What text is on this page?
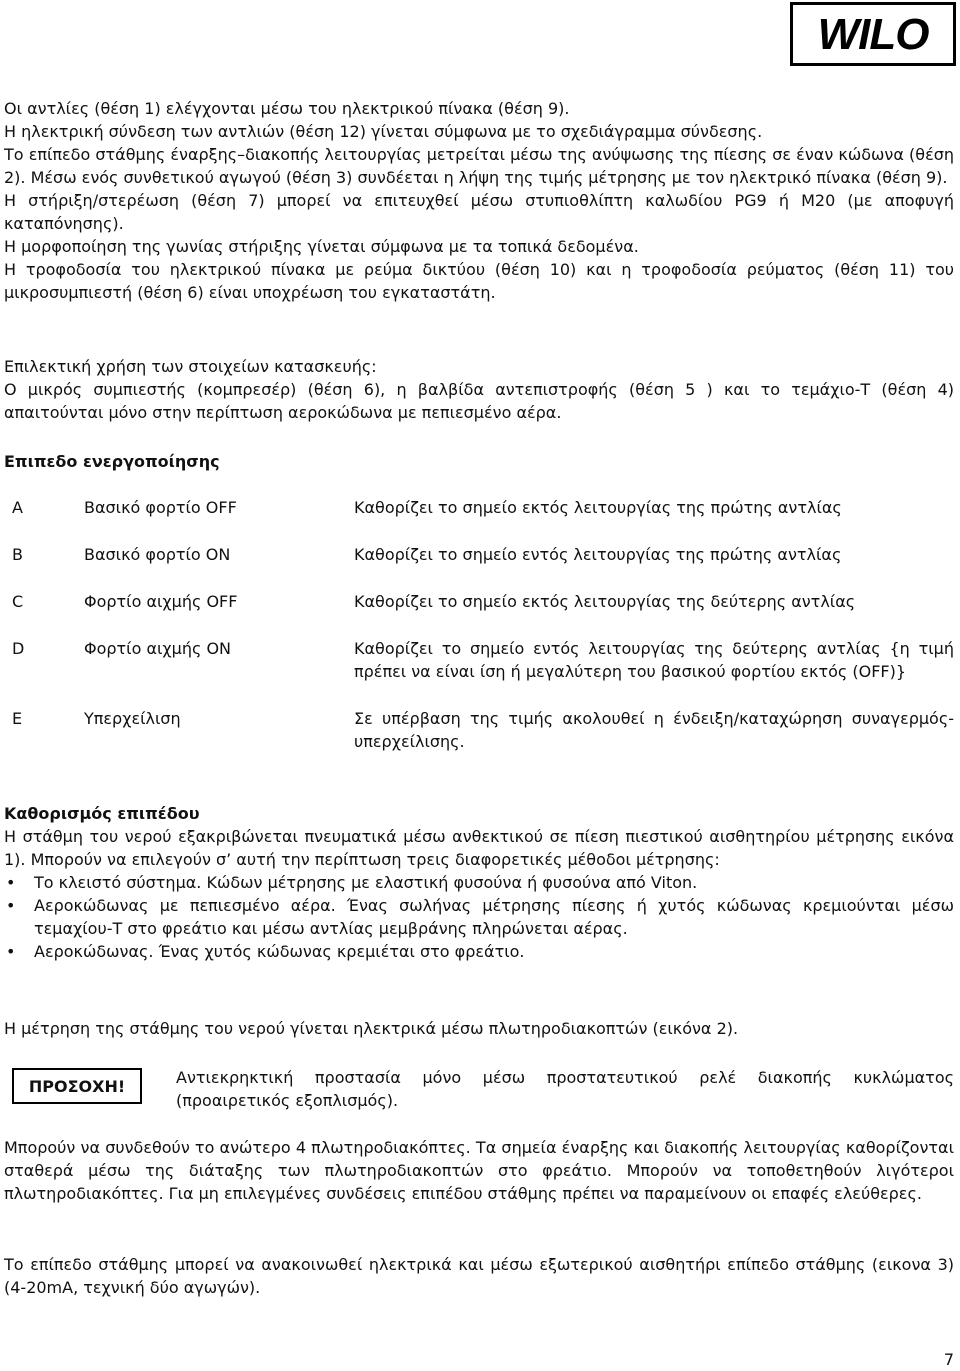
WILO

Οι αντλίες (θέση 1) ελέγχονται μέσω του ηλεκτρικού πίνακα (θέση 9).

Η ηλεκτρική σύνδεση των αντλιών (θέση 12) γίνεται σύμφωνα με το σχεδιάγραμμα σύνδεσης.

Το επίπεδο στάθμης έναρξης–διακοπής λειτουργίας μετρείται μέσω της ανύψωσης της πίεσης σε έναν κώδωνα (θέση 2). Μέσω ενός συνθετικού αγωγού (θέση 3) συνδέεται η λήψη της τιμής μέτρησης με τον ηλεκτρικό πίνακα (θέση 9).

Η στήριξη/στερέωση (θέση 7) μπορεί να επιτευχθεί μέσω στυπιοθλίπτη καλωδίου PG9 ή M20 (με αποφυγή καταπόνησης).

Η μορφοποίηση της γωνίας στήριξης γίνεται σύμφωνα με τα τοπικά δεδομένα.

Η τροφοδοσία του ηλεκτρικού πίνακα με ρεύμα δικτύου (θέση 10) και η τροφοδοσία ρεύματος (θέση 11) του μικροσυμπιεστή (θέση 6) είναι υποχρέωση του εγκαταστάτη.

Επιλεκτική χρήση των στοιχείων κατασκευής:

Ο μικρός συμπιεστής (κομπρεσέρ) (θέση 6), η βαλβίδα αντεπιστροφής (θέση 5 ) και το τεμάχιο-Τ (θέση 4) απαιτούνται μόνο στην περίπτωση αεροκώδωνα με πεπιεσμένο αέρα.

Επιπεδο ενεργοποίησης
A	Βασικό φορτίο OFF	Καθορίζει το σημείο εκτός λειτουργίας της πρώτης αντλίας
B	Βασικό φορτίο ON	Καθορίζει το σημείο εντός λειτουργίας της πρώτης αντλίας
C	Φορτίο αιχμής OFF	Καθορίζει το σημείο εκτός λειτουργίας της δεύτερης αντλίας
D	Φορτίο αιχμής ON	Καθορίζει το σημείο εντός λειτουργίας της δεύτερης αντλίας {η τιμή πρέπει να είναι ίση ή μεγαλύτερη του βασικού φορτίου εκτός (OFF)}
E	Υπερχείλιση	Σε υπέρβαση της τιμής ακολουθεί η ένδειξη/καταχώρηση συναγερμός-υπερχείλισης.
Καθορισμός επιπέδου

Η στάθμη του νερού εξακριβώνεται πνευματικά μέσω ανθεκτικού σε πίεση πιεστικού αισθητηρίου μέτρησης εικόνα 1). Μπορούν να επιλεγούν σ’ αυτή την περίπτωση τρεις διαφορετικές μέθοδοι μέτρησης:

• Το κλειστό σύστημα. Κώδων μέτρησης με ελαστική φυσούνα ή φυσούνα από Viton.
• Αεροκώδωνας με πεπιεσμένο αέρα. Ένας σωλήνας μέτρησης πίεσης ή χυτός κώδωνας κρεμιούνται μέσω τεμαχίου-Τ στο φρεάτιο και μέσω αντλίας μεμβράνης πληρώνεται αέρας.
• Αεροκώδωνας. Ένας χυτός κώδωνας κρεμιέται στο φρεάτιο.

Η μέτρηση της στάθμης του νερού γίνεται ηλεκτρικά μέσω πλωτηροδιακοπτών (εικόνα 2).

ΠΡΟΣΟΧΗ!	Αντιεκρηκτική προστασία μόνο μέσω προστατευτικού ρελέ διακοπής κυκλώματος (προαιρετικός εξοπλισμός).

Μπορούν να συνδεθούν το ανώτερο 4 πλωτηροδιακόπτες. Τα σημεία έναρξης και διακοπής λειτουργίας καθορίζονται σταθερά μέσω της διάταξης των πλωτηροδιακοπτών στο φρεάτιο. Μπορούν να τοποθετηθούν λιγότεροι πλωτηροδιακόπτες. Για μη επιλεγμένες συνδέσεις επιπέδου στάθμης πρέπει να παραμείνουν οι επαφές ελεύθερες.

Το επίπεδο στάθμης μπορεί να ανακοινωθεί ηλεκτρικά και μέσω εξωτερικού αισθητήρι επίπεδο στάθμης (εικονα 3) (4-20mA, τεχνική δύο αγωγών).

7
